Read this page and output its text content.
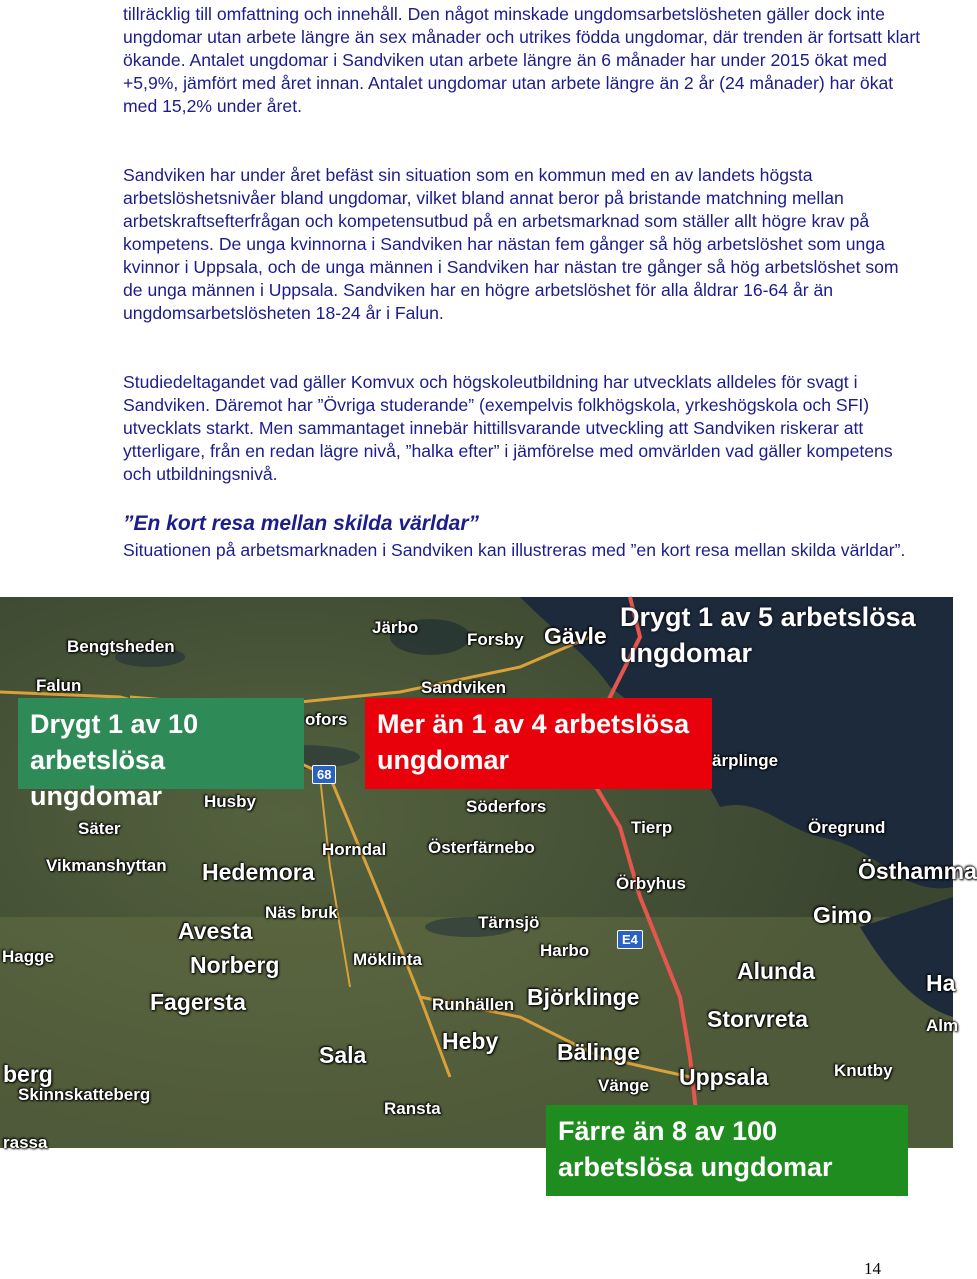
tillräcklig till omfattning och innehåll. Den något minskade ungdomsarbetslösheten gäller dock inte ungdomar utan arbete längre än sex månader och utrikes födda ungdomar, där trenden är fortsatt klart ökande. Antalet ungdomar i Sandviken utan arbete längre än 6 månader har under 2015 ökat med +5,9%, jämfört med året innan. Antalet ungdomar utan arbete längre än 2 år (24 månader) har ökat med 15,2% under året.

Sandviken har under året befäst sin situation som en kommun med en av landets högsta arbetslöshetsnivåer bland ungdomar, vilket bland annat beror på bristande matchning mellan arbetskraftsefterfrågan och kompetensutbud på en arbetsmarknad som ställer allt högre krav på kompetens. De unga kvinnorna i Sandviken har nästan fem gånger så hög arbetslöshet som unga kvinnor i Uppsala, och de unga männen i Sandviken har nästan tre gånger så hög arbetslöshet som de unga männen i Uppsala. Sandviken har en högre arbetslöshet för alla åldrar 16-64 år än ungdomsarbetslösheten 18-24 år i Falun.

Studiedeltagandet vad gäller Komvux och högskoleutbildning har utvecklats alldeles för svagt i Sandviken. Däremot har ”Övriga studerande” (exempelvis folkhögskola, yrkeshögskola och SFI) utvecklats starkt. Men sammantaget innebär hittillsvarande utveckling att Sandviken riskerar att ytterligare, från en redan lägre nivå, ”halka efter” i jämförelse med omvärlden vad gäller kompetens och utbildningsnivå.

”En kort resa mellan skilda världar”

Situationen på arbetsmarknaden i Sandviken kan illustreras med ”en kort resa mellan skilda världar”.

Järbo
Forsby Gävle
Bengtsheden
Falun	Sandviken
ofors
68
ärplinge
Husby	Söderfors
Säter	Tierp	Öregrund
Horndal Österfärnebo
Vikmanshyttan Hedemora	Örbyhus	Östhamma
Näs bruk	Gimo
Avesta	Tärnsjö
E4
Hagge	Norberg	Möklinta	Harbo
Alunda	Ha
Fagersta	Runhällen Björklinge
Storvreta	Alm
Sala
Heby	Bälinge
berg	Vänge Uppsala	Knutby
Skinnskatteberg
Ransta
rassa
Drygt 1 av 5 arbetslösa ungdomar
Drygt 1 av 10 arbetslösa ungdomar
Mer än 1 av 4 arbetslösa ungdomar
Färre än 8 av 100 arbetslösa ungdomar
14
